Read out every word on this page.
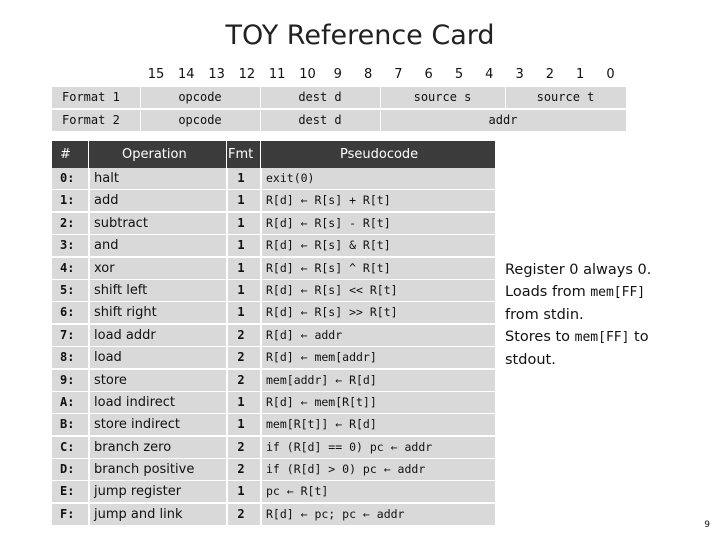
TOY Reference Card
15	14	13	12	11	10	9	8	7	6	5	4	3	2	1	0
Format 1	opcode	dest d	source s	source t
Format 2	opcode	dest d	addr
#	Operation	Fmt	Pseudocode
0:	halt	1	exit(0)
1:	add	1	R[d] ← R[s] + R[t]
2:	subtract	1	R[d] ← R[s] - R[t]
3:	and	1	R[d] ← R[s] & R[t]
4:	xor	1	R[d] ← R[s] ^ R[t]
5:	shift left	1	R[d] ← R[s] << R[t]
6:	shift right	1	R[d] ← R[s] >> R[t]
7:	load addr	2	R[d] ← addr
8:	load	2	R[d] ← mem[addr]
9:	store	2	mem[addr] ← R[d]
A:	load indirect	1	R[d] ← mem[R[t]]
B:	store indirect	1	mem[R[t]] ← R[d]
C:	branch zero	2	if (R[d] == 0) pc ← addr
D:	branch positive	2	if (R[d] > 0) pc ← addr
E:	jump register	1	pc ← R[t]
F:	jump and link	2	R[d] ← pc; pc ← addr
Register 0 always 0.
Loads from mem[FF]
from stdin.
Stores to mem[FF] to
stdout.
9
